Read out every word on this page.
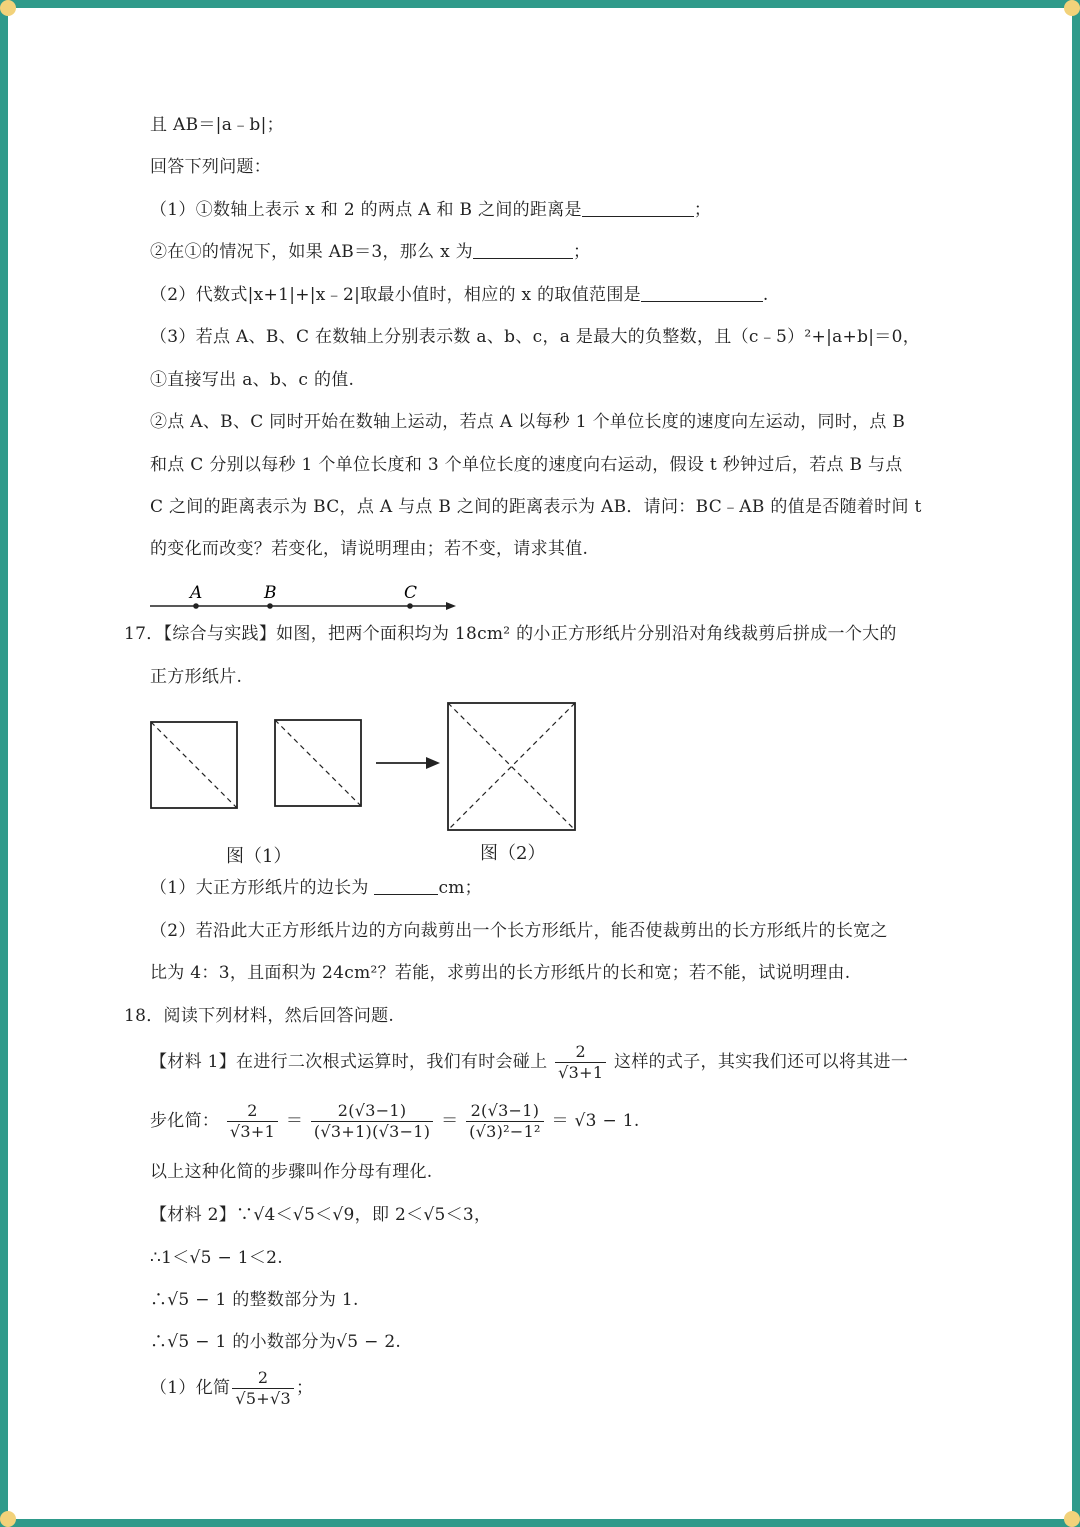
且 AB＝|a﹣b|；
回答下列问题：
（1）①数轴上表示 x 和 2 的两点 A 和 B 之间的距离是	；
②在①的情况下，如果 AB＝3，那么 x 为	；
（2）代数式|x+1|+|x﹣2|取最小值时，相应的 x 的取值范围是	.
（3）若点 A、B、C 在数轴上分别表示数 a、b、c，a 是最大的负整数，且（c﹣5）²+|a+b|＝0，
①直接写出 a、b、c 的值.
②点 A、B、C 同时开始在数轴上运动，若点 A 以每秒 1 个单位长度的速度向左运动，同时，点 B
和点 C 分别以每秒 1 个单位长度和 3 个单位长度的速度向右运动，假设 t 秒钟过后，若点 B 与点
C 之间的距离表示为 BC，点 A 与点 B 之间的距离表示为 AB．请问：BC﹣AB 的值是否随着时间 t
的变化而改变？若变化，请说明理由；若不变，请求其值.
A	B	C
17．【综合与实践】如图，把两个面积均为 18cm² 的小正方形纸片分别沿对角线裁剪后拼成一个大的
正方形纸片.
图（1）	图（2）
（1）大正方形纸片的边长为	cm；
（2）若沿此大正方形纸片边的方向裁剪出一个长方形纸片，能否使裁剪出的长方形纸片的长宽之
比为 4：3，且面积为 24cm²？若能，求剪出的长方形纸片的长和宽；若不能，试说明理由.
18．阅读下列材料，然后回答问题.
【材料 1】在进行二次根式运算时，我们有时会碰上 $\frac{2}{√3+1}$ 这样的式子，其实我们还可以将其进一
步化简： $\frac{2}{√3+1} = \frac{2(√3-1)}{(√3+1)(√3-1)} = \frac{2(√3-1)}{\text{(√3)²−1²}} = √3 - 1$.
以上这种化简的步骤叫作分母有理化.
【材料 2】∵√4＜√5＜√9，即 2＜√5＜3，
∴1＜√5 − 1＜2.
∴√5 − 1 的整数部分为 1.
∴√5 − 1 的小数部分为√5 − 2.
（1）化简 $\frac{2}{√5+√3}$ ；
